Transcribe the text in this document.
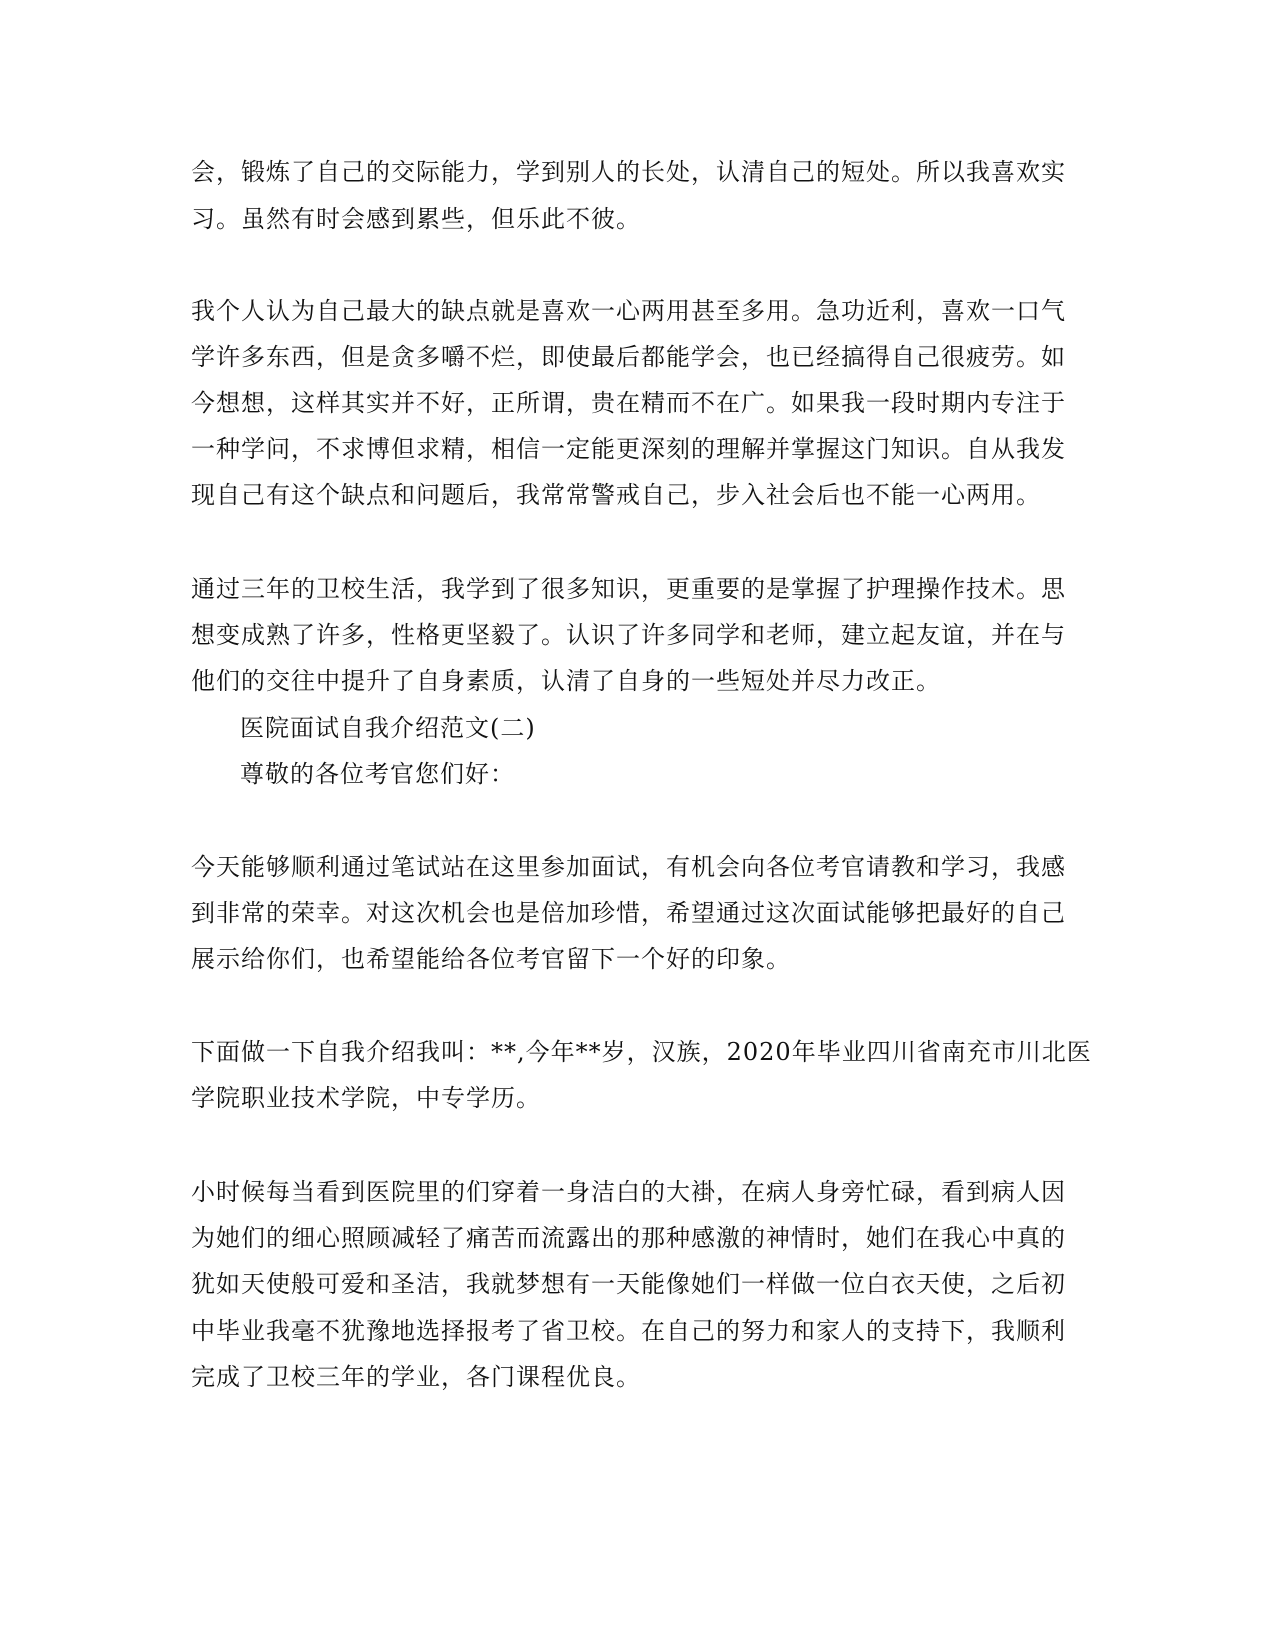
会，锻炼了自己的交际能力，学到别人的长处，认清自己的短处。所以我喜欢实
习。虽然有时会感到累些，但乐此不彼。
我个人认为自己最大的缺点就是喜欢一心两用甚至多用。急功近利，喜欢一口气
学许多东西，但是贪多嚼不烂，即使最后都能学会，也已经搞得自己很疲劳。如
今想想，这样其实并不好，正所谓，贵在精而不在广。如果我一段时期内专注于
一种学问，不求博但求精，相信一定能更深刻的理解并掌握这门知识。自从我发
现自己有这个缺点和问题后，我常常警戒自己，步入社会后也不能一心两用。
通过三年的卫校生活，我学到了很多知识，更重要的是掌握了护理操作技术。思
想变成熟了许多，性格更坚毅了。认识了许多同学和老师，建立起友谊，并在与
他们的交往中提升了自身素质，认清了自身的一些短处并尽力改正。
医院面试自我介绍范文(二)
尊敬的各位考官您们好：
今天能够顺利通过笔试站在这里参加面试，有机会向各位考官请教和学习，我感
到非常的荣幸。对这次机会也是倍加珍惜，希望通过这次面试能够把最好的自己
展示给你们，也希望能给各位考官留下一个好的印象。
下面做一下自我介绍我叫：**,今年**岁，汉族，2020年毕业四川省南充市川北医
学院职业技术学院，中专学历。
小时候每当看到医院里的们穿着一身洁白的大褂，在病人身旁忙碌，看到病人因
为她们的细心照顾减轻了痛苦而流露出的那种感激的神情时，她们在我心中真的
犹如天使般可爱和圣洁，我就梦想有一天能像她们一样做一位白衣天使，之后初
中毕业我毫不犹豫地选择报考了省卫校。在自己的努力和家人的支持下，我顺利
完成了卫校三年的学业，各门课程优良。
